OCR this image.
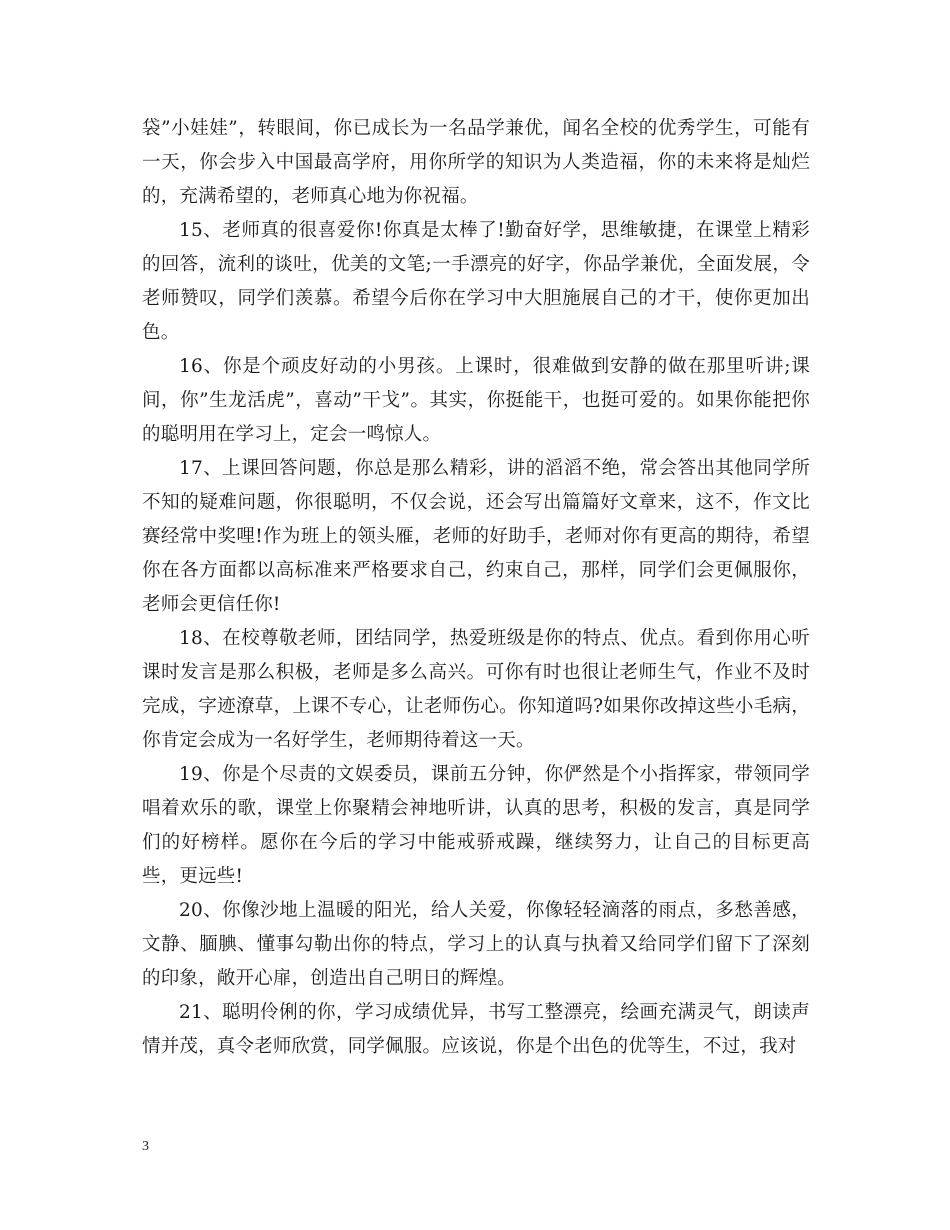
袋”小娃娃”，转眼间，你已成长为一名品学兼优，闻名全校的优秀学生，可能有一天，你会步入中国最高学府，用你所学的知识为人类造福，你的未来将是灿烂的，充满希望的，老师真心地为你祝福。

15、老师真的很喜爱你!你真是太棒了!勤奋好学，思维敏捷，在课堂上精彩的回答，流利的谈吐，优美的文笔;一手漂亮的好字，你品学兼优，全面发展，令老师赞叹，同学们羡慕。希望今后你在学习中大胆施展自己的才干，使你更加出色。

16、你是个顽皮好动的小男孩。上课时，很难做到安静的做在那里听讲;课间，你”生龙活虎”，喜动”干戈”。其实，你挺能干，也挺可爱的。如果你能把你的聪明用在学习上，定会一鸣惊人。

17、上课回答问题，你总是那么精彩，讲的滔滔不绝，常会答出其他同学所不知的疑难问题，你很聪明，不仅会说，还会写出篇篇好文章来，这不，作文比赛经常中奖哩!作为班上的领头雁，老师的好助手，老师对你有更高的期待，希望你在各方面都以高标准来严格要求自己，约束自己，那样，同学们会更佩服你，老师会更信任你!

18、在校尊敬老师，团结同学，热爱班级是你的特点、优点。看到你用心听课时发言是那么积极，老师是多么高兴。可你有时也很让老师生气，作业不及时完成，字迹潦草，上课不专心，让老师伤心。你知道吗?如果你改掉这些小毛病，你肯定会成为一名好学生，老师期待着这一天。

19、你是个尽责的文娱委员，课前五分钟，你俨然是个小指挥家，带领同学唱着欢乐的歌，课堂上你聚精会神地听讲，认真的思考，积极的发言，真是同学们的好榜样。愿你在今后的学习中能戒骄戒躁，继续努力，让自己的目标更高些，更远些!

20、你像沙地上温暖的阳光，给人关爱，你像轻轻滴落的雨点，多愁善感，文静、腼腆、懂事勾勒出你的特点，学习上的认真与执着又给同学们留下了深刻的印象，敞开心扉，创造出自己明日的辉煌。

21、聪明伶俐的你，学习成绩优异，书写工整漂亮，绘画充满灵气，朗读声情并茂，真令老师欣赏，同学佩服。应该说，你是个出色的优等生，不过，我对

3
